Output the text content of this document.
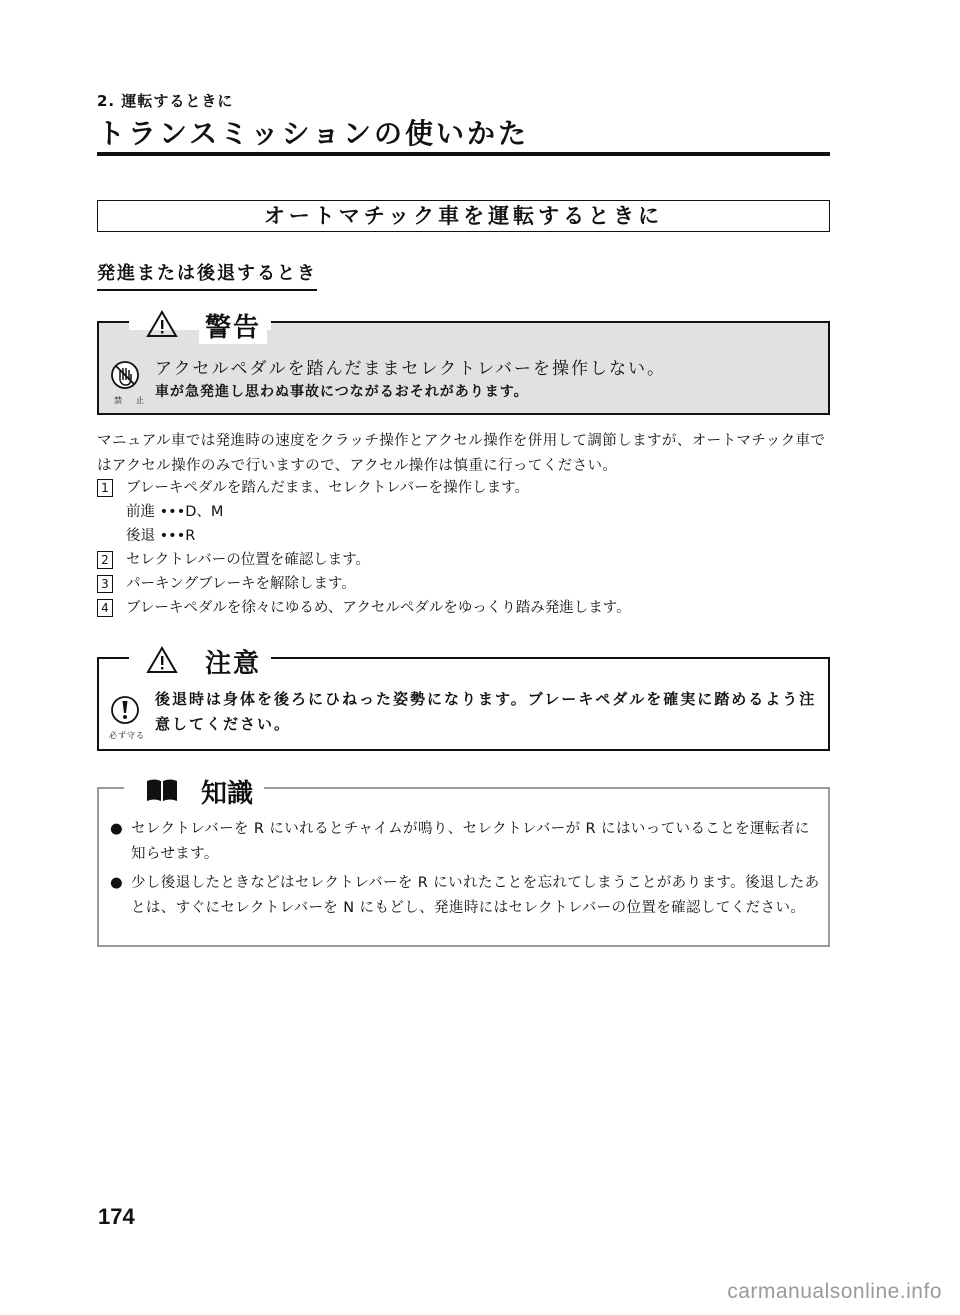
2. 運転するときに
トランスミッションの使いかた
オートマチック車を運転するときに
発進または後退するとき
警告
禁　止
アクセルペダルを踏んだままセレクトレバーを操作しない。
車が急発進し思わぬ事故につながるおそれがあります。
マニュアル車では発進時の速度をクラッチ操作とアクセル操作を併用して調節しますが、オートマチック車ではアクセル操作のみで行いますので、アクセル操作は慎重に行ってください。
1 ブレーキペダルを踏んだまま、セレクトレバーを操作します。
前進 •••D、M
後退 •••R
2 セレクトレバーの位置を確認します。
3 パーキングブレーキを解除します。
4 ブレーキペダルを徐々にゆるめ、アクセルペダルをゆっくり踏み発進します。
注意
必ず守る
後退時は身体を後ろにひねった姿勢になります。ブレーキペダルを確実に踏めるよう注意してください。
知識
● セレクトレバーを R にいれるとチャイムが鳴り、セレクトレバーが R にはいっていることを運転者に知らせます。
● 少し後退したときなどはセレクトレバーを R にいれたことを忘れてしまうことがあります。後退したあとは、すぐにセレクトレバーを N にもどし、発進時にはセレクトレバーの位置を確認してください。
174
carmanualsonline.info
